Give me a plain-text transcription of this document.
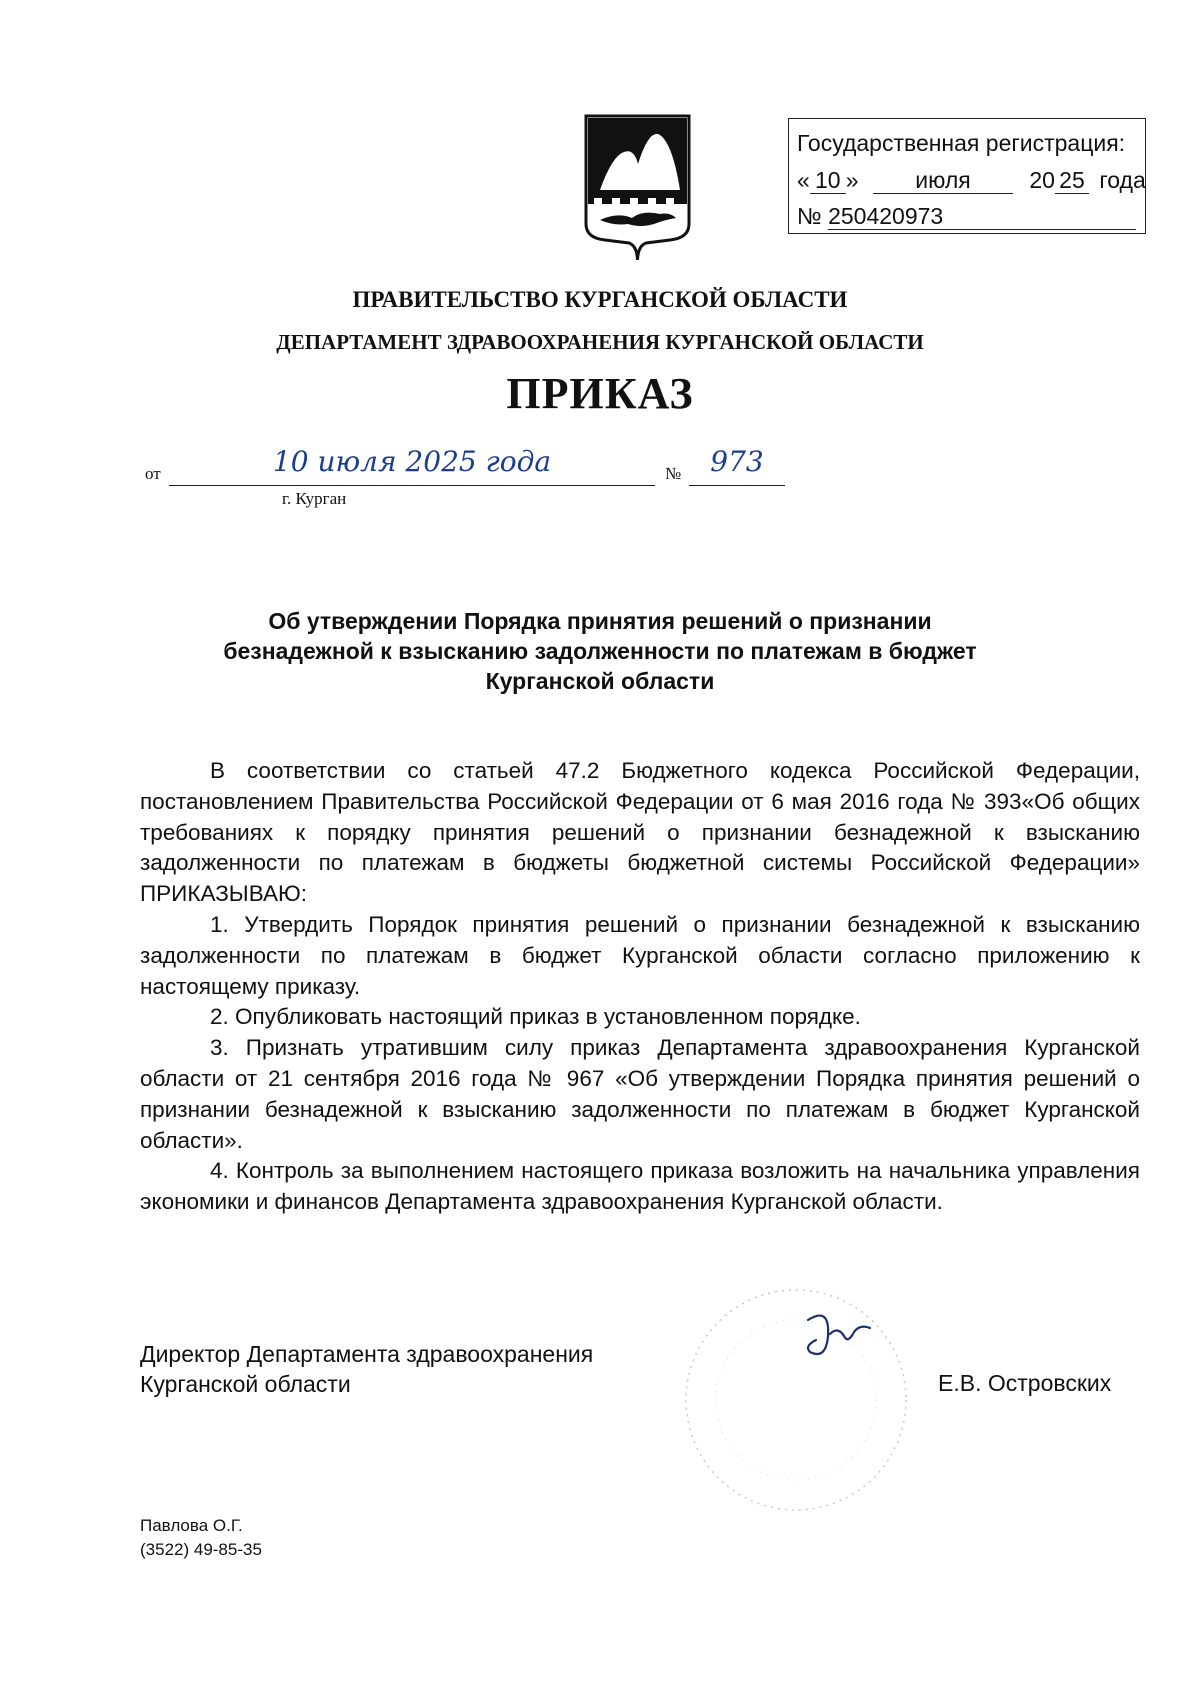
Государственная регистрация:
« 10 » июля	20 25 года
№ 250420973
ПРАВИТЕЛЬСТВО КУРГАНСКОЙ ОБЛАСТИ
ДЕПАРТАМЕНТ ЗДРАВООХРАНЕНИЯ КУРГАНСКОЙ ОБЛАСТИ
ПРИКАЗ
от	10 июля 2025 года	№	973
г. Курган
Об утверждении Порядка принятия решений о признании безнадежной к взысканию задолженности по платежам в бюджет Курганской области

В соответствии со статьей 47.2 Бюджетного кодекса Российской Федерации, постановлением Правительства Российской Федерации от 6 мая 2016 года № 393«Об общих требованиях к порядку принятия решений о признании безнадежной к взысканию задолженности по платежам в бюджеты бюджетной системы Российской Федерации» ПРИКАЗЫВАЮ:

1. Утвердить Порядок принятия решений о признании безнадежной к взысканию задолженности по платежам в бюджет Курганской области согласно приложению к настоящему приказу.

2. Опубликовать настоящий приказ в установленном порядке.

3. Признать утратившим силу приказ Департамента здравоохранения Курганской области от 21 сентября 2016 года № 967 «Об утверждении Порядка принятия решений о признании безнадежной к взысканию задолженности по платежам в бюджет Курганской области».

4. Контроль за выполнением настоящего приказа возложить на начальника управления экономики и финансов Департамента здравоохранения Курганской области.

Директор Департамента здравоохранения
Курганской области	Е.В. Островских
Павлова О.Г.
(3522) 49-85-35
